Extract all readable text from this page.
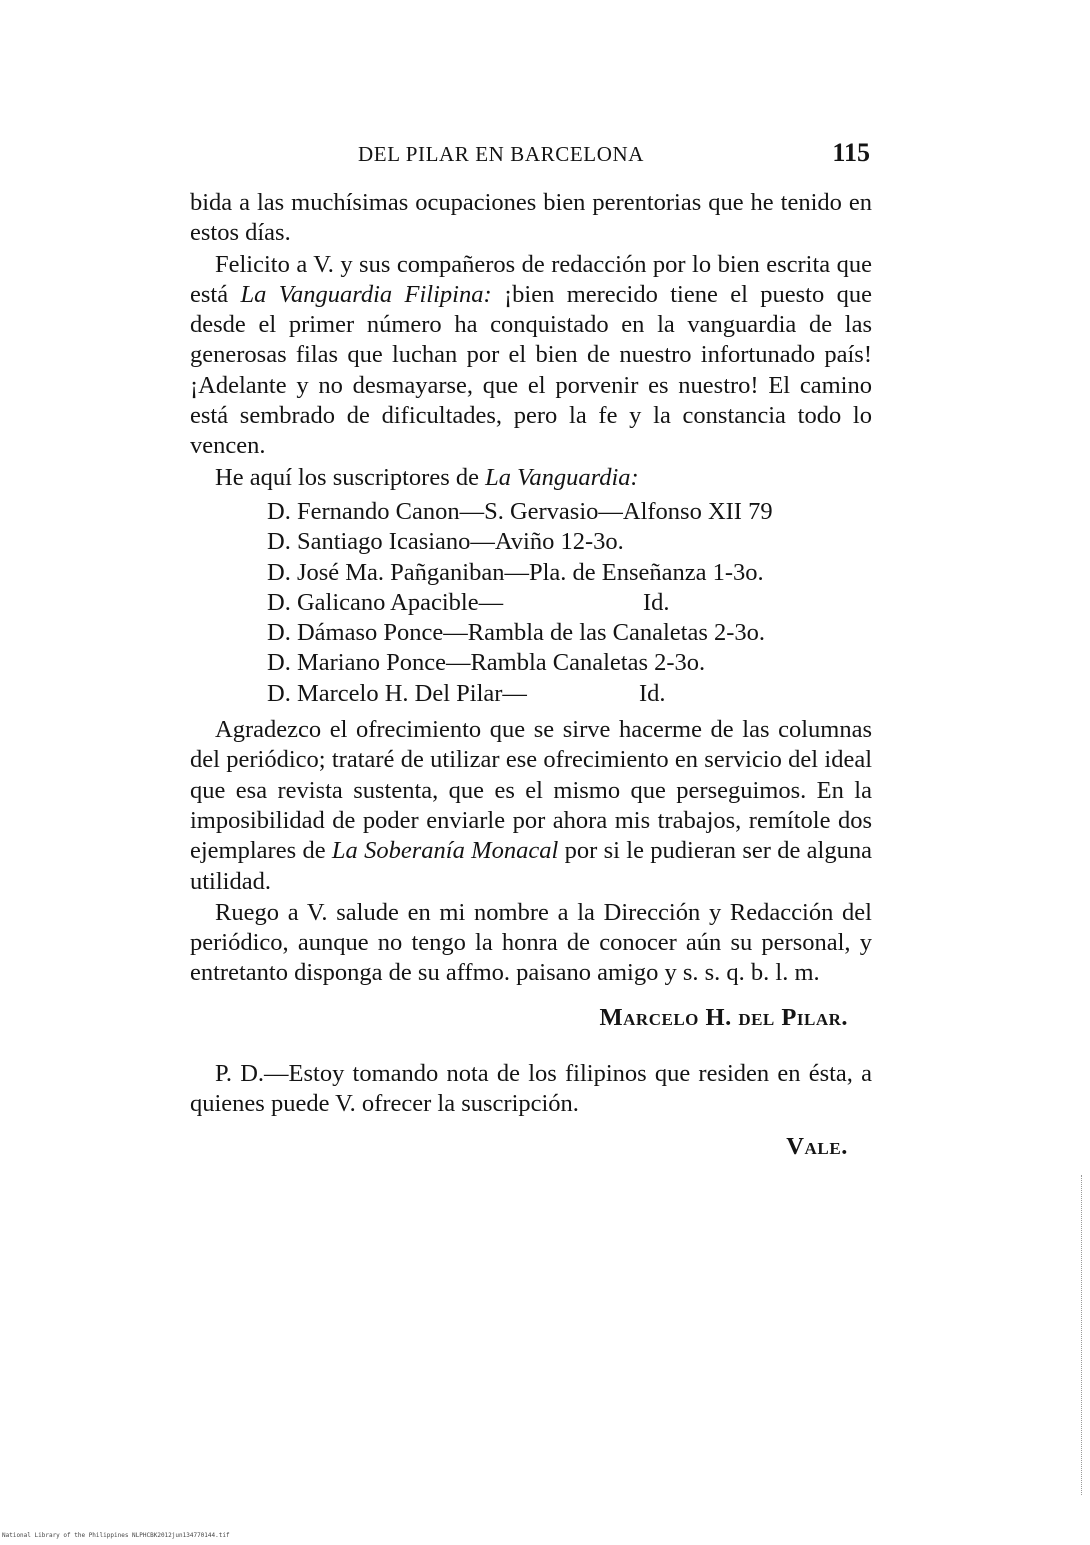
DEL PILAR EN BARCELONA	115

bida a las muchísimas ocupaciones bien perentorias que he tenido en estos días.

Felicito a V. y sus compañeros de redacción por lo bien escrita que está La Vanguardia Filipina: ¡bien merecido tiene el puesto que desde el primer número ha conquistado en la vanguardia de las generosas filas que luchan por el bien de nuestro infortunado país! ¡Adelante y no desmayarse, que el porvenir es nuestro! El camino está sembrado de dificultades, pero la fe y la constancia todo lo vencen.

He aquí los suscriptores de La Vanguardia:

D. Fernando Canon—S. Gervasio—Alfonso XII 79
D. Santiago Icasiano—Aviño 12-3o.
D. José Ma. Pañganiban—Pla. de Enseñanza 1-3o.
D. Galicano Apacible—	Id.
D. Dámaso Ponce—Rambla de las Canaletas 2-3o.
D. Mariano Ponce—Rambla Canaletas 2-3o.
D. Marcelo H. Del Pilar—	Id.

Agradezco el ofrecimiento que se sirve hacerme de las columnas del periódico; trataré de utilizar ese ofrecimiento en servicio del ideal que esa revista sustenta, que es el mismo que perseguimos. En la imposibilidad de poder enviarle por ahora mis trabajos, remítole dos ejemplares de La Soberanía Monacal por si le pudieran ser de alguna utilidad.

Ruego a V. salude en mi nombre a la Dirección y Redacción del periódico, aunque no tengo la honra de conocer aún su personal, y entretanto disponga de su affmo. paisano amigo y s. s. q. b. l. m.

Marcelo H. del Pilar.

P. D.—Estoy tomando nota de los filipinos que residen en ésta, a quienes puede V. ofrecer la suscripción.

Vale.

National Library of the Philippines NLPHCBK2012jun134770144.tif
